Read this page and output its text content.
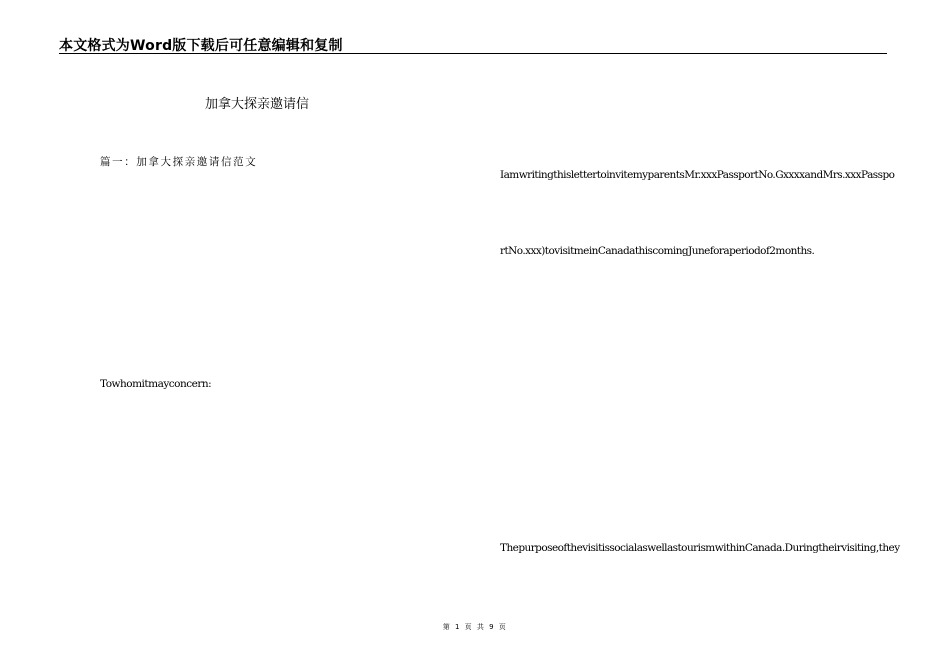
本文格式为Word版下载后可任意编辑和复制
加拿大探亲邀请信
篇一：加拿大探亲邀请信范文
Towhomitmayconcern:
IamwritingthislettertoinvitemyparentsMr.xxxPassportNo.GxxxxandMrs.xxxPasspo
rtNo.xxx)tovisitmeinCanadathiscomingJuneforaperiodof2months.
ThepurposeofthevisitissocialaswellastourismwithinCanada.Duringtheirvisiting,they
第 1 页 共 9 页
